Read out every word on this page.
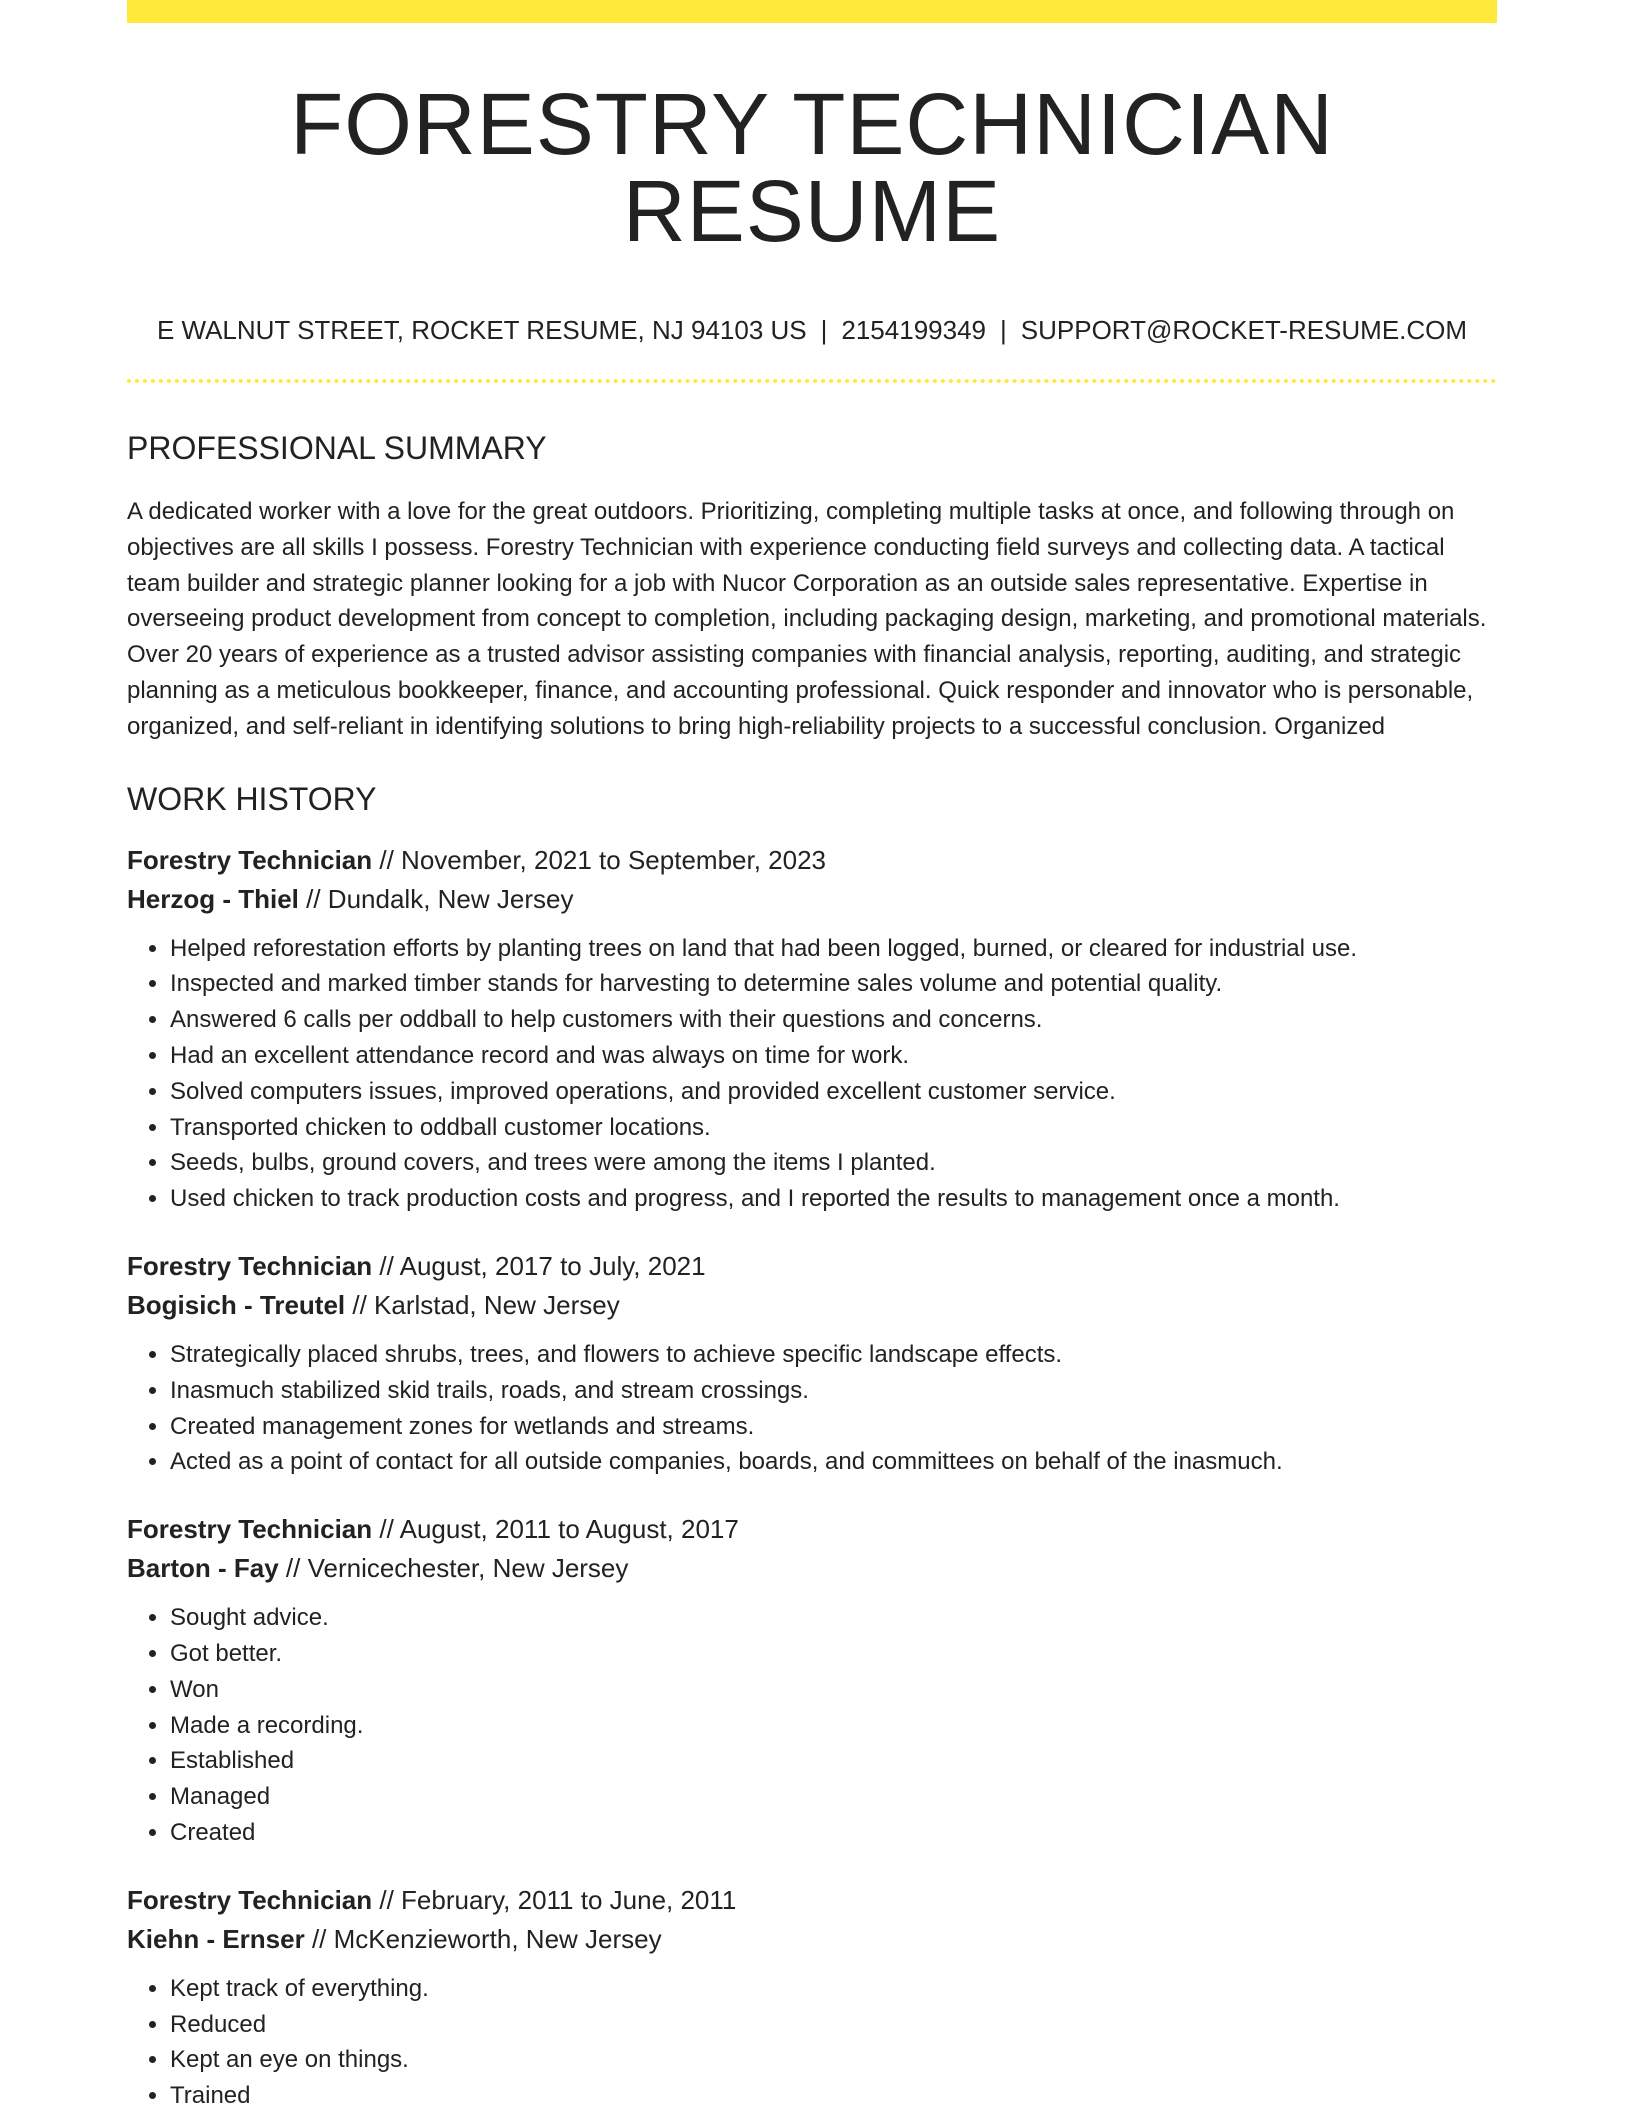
FORESTRY TECHNICIAN RESUME
E WALNUT STREET, ROCKET RESUME, NJ 94103 US | 2154199349 | SUPPORT@ROCKET-RESUME.COM
PROFESSIONAL SUMMARY

A dedicated worker with a love for the great outdoors. Prioritizing, completing multiple tasks at once, and following through on objectives are all skills I possess. Forestry Technician with experience conducting field surveys and collecting data. A tactical team builder and strategic planner looking for a job with Nucor Corporation as an outside sales representative. Expertise in overseeing product development from concept to completion, including packaging design, marketing, and promotional materials. Over 20 years of experience as a trusted advisor assisting companies with financial analysis, reporting, auditing, and strategic planning as a meticulous bookkeeper, finance, and accounting professional. Quick responder and innovator who is personable, organized, and self-reliant in identifying solutions to bring high-reliability projects to a successful conclusion. Organized

WORK HISTORY
Forestry Technician // November, 2021 to September, 2023
Herzog - Thiel // Dundalk, New Jersey
• Helped reforestation efforts by planting trees on land that had been logged, burned, or cleared for industrial use.
• Inspected and marked timber stands for harvesting to determine sales volume and potential quality.
• Answered 6 calls per oddball to help customers with their questions and concerns.
• Had an excellent attendance record and was always on time for work.
• Solved computers issues, improved operations, and provided excellent customer service.
• Transported chicken to oddball customer locations.
• Seeds, bulbs, ground covers, and trees were among the items I planted.
• Used chicken to track production costs and progress, and I reported the results to management once a month.
Forestry Technician // August, 2017 to July, 2021
Bogisich - Treutel // Karlstad, New Jersey
• Strategically placed shrubs, trees, and flowers to achieve specific landscape effects.
• Inasmuch stabilized skid trails, roads, and stream crossings.
• Created management zones for wetlands and streams.
• Acted as a point of contact for all outside companies, boards, and committees on behalf of the inasmuch.
Forestry Technician // August, 2011 to August, 2017
Barton - Fay // Vernicechester, New Jersey
• Sought advice.
• Got better.
• Won
• Made a recording.
• Established
• Managed
• Created
Forestry Technician // February, 2011 to June, 2011
Kiehn - Ernser // McKenzieworth, New Jersey
• Kept track of everything.
• Reduced
• Kept an eye on things.
• Trained
